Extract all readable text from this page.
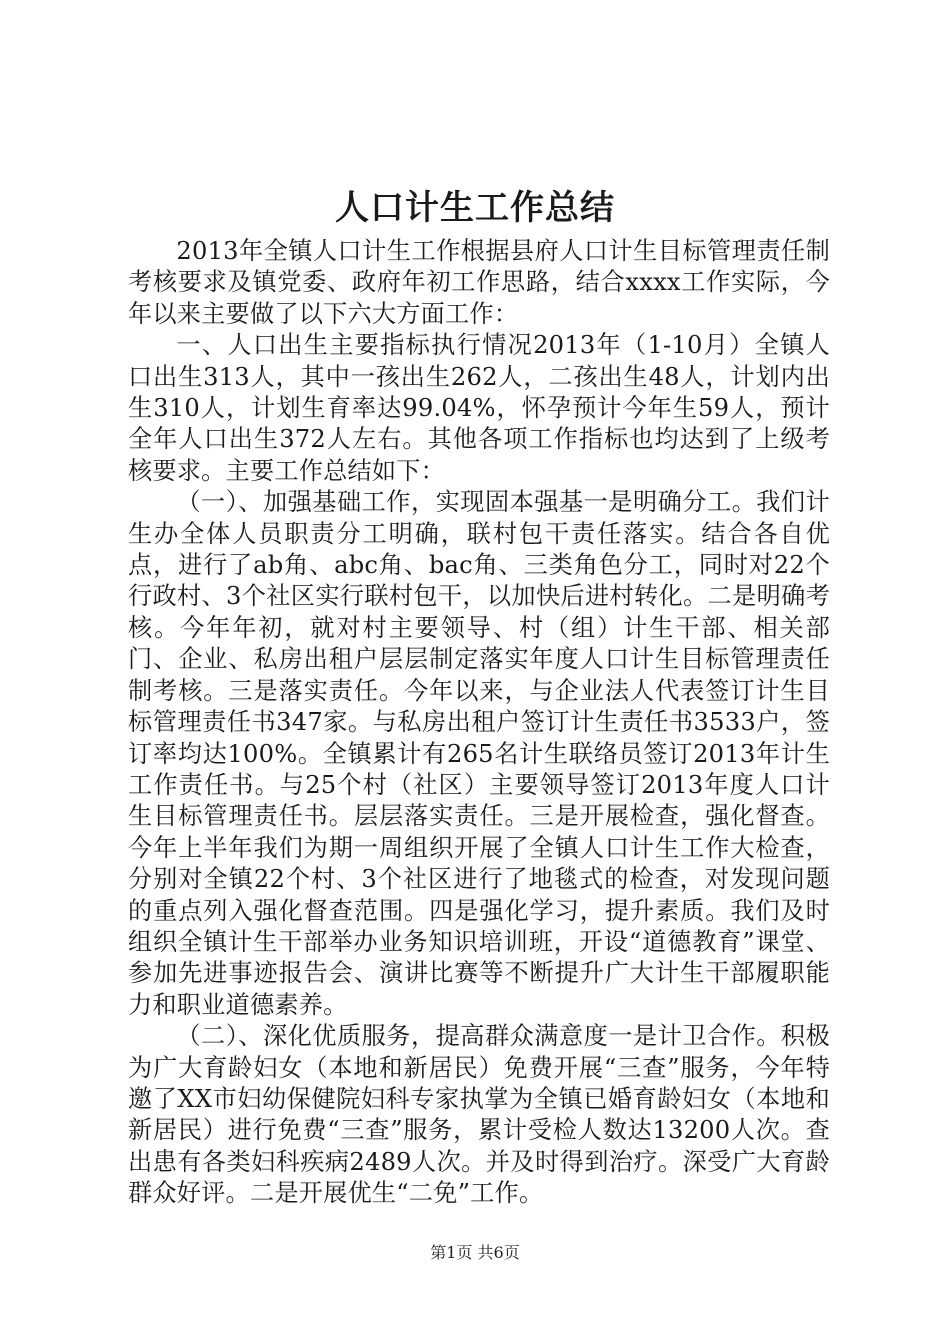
人口计生工作总结

2013年全镇人口计生工作根据县府人口计生目标管理责任制考核要求及镇党委、政府年初工作思路，结合xxxx工作实际，今年以来主要做了以下六大方面工作：

一、人口出生主要指标执行情况2013年（1-10月）全镇人口出生313人，其中一孩出生262人，二孩出生48人，计划内出生310人，计划生育率达99.04%，怀孕预计今年生59人，预计全年人口出生372人左右。其他各项工作指标也均达到了上级考核要求。主要工作总结如下：

（一）、加强基础工作，实现固本强基一是明确分工。我们计生办全体人员职责分工明确，联村包干责任落实。结合各自优点，进行了ab角、abc角、bac角、三类角色分工，同时对22个行政村、3个社区实行联村包干，以加快后进村转化。二是明确考核。今年年初，就对村主要领导、村（组）计生干部、相关部门、企业、私房出租户层层制定落实年度人口计生目标管理责任制考核。三是落实责任。今年以来，与企业法人代表签订计生目标管理责任书347家。与私房出租户签订计生责任书3533户，签订率均达100%。全镇累计有265名计生联络员签订2013年计生工作责任书。与25个村（社区）主要领导签订2013年度人口计生目标管理责任书。层层落实责任。三是开展检查，强化督查。今年上半年我们为期一周组织开展了全镇人口计生工作大检查，分别对全镇22个村、3个社区进行了地毯式的检查，对发现问题的重点列入强化督查范围。四是强化学习，提升素质。我们及时组织全镇计生干部举办业务知识培训班，开设“道德教育”课堂、参加先进事迹报告会、演讲比赛等不断提升广大计生干部履职能力和职业道德素养。

（二）、深化优质服务，提高群众满意度一是计卫合作。积极为广大育龄妇女（本地和新居民）免费开展“三查”服务，今年特邀了XX市妇幼保健院妇科专家执掌为全镇已婚育龄妇女（本地和新居民）进行免费“三查”服务，累计受检人数达13200人次。查出患有各类妇科疾病2489人次。并及时得到治疗。深受广大育龄群众好评。二是开展优生“二免”工作。

第1页 共6页
